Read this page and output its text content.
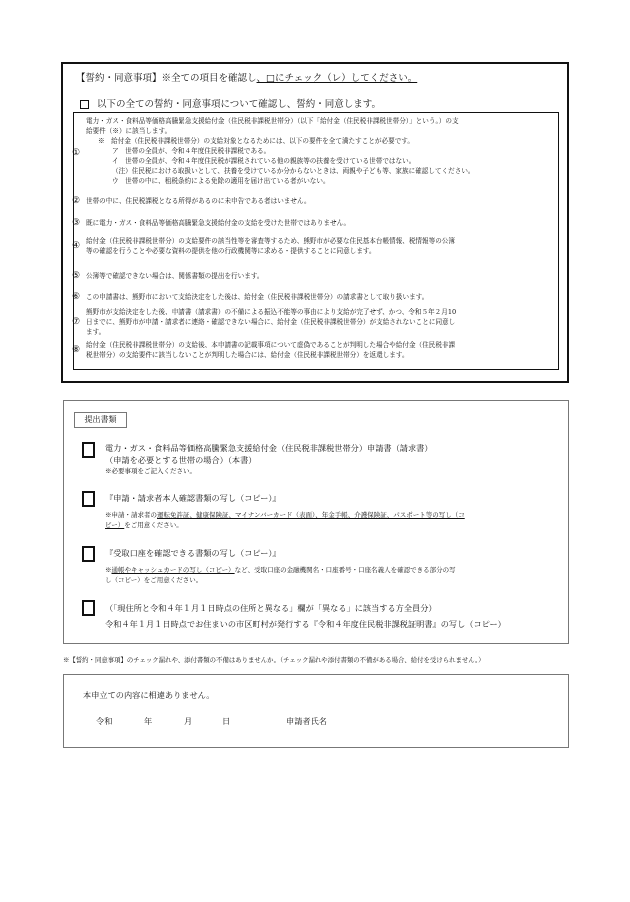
【誓約・同意事項】※全ての項目を確認し、□にチェック（レ）してください。
以下の全ての誓約・同意事項について確認し、誓約・同意します。
①

電力・ガス・食料品等価格高騰緊急支援給付金（住民税非課税世帯分）（以下「給付金（住民税非課税世帯分）」という。）の支

給要件（※）に該当します。

※　給付金（住民税非課税世帯分）の支給対象となるためには、以下の要件を全て満たすことが必要です。

ア　世帯の全員が、令和４年度住民税非課税である。

イ　世帯の全員が、令和４年度住民税が課税されている他の親族等の扶養を受けている世帯ではない。

（注）住民税における取扱いとして、扶養を受けているか分からないときは、両親や子ども等、家族に確認してください。

ウ　世帯の中に、租税条約による免除の適用を届け出ている者がいない。

② 世帯の中に、住民税課税となる所得があるのに未申告である者はいません。

③ 既に電力・ガス・食料品等価格高騰緊急支援給付金の支給を受けた世帯ではありません。

④ 給付金（住民税非課税世帯分）の支給要件の該当性等を審査等するため、熊野市が必要な住民基本台帳情報、税情報等の公簿

等の確認を行うことや必要な資料の提供を他の行政機関等に求める・提供することに同意します。

⑤ 公簿等で確認できない場合は、関係書類の提出を行います。

⑥ この申請書は、熊野市において支給決定をした後は、給付金（住民税非課税世帯分）の請求書として取り扱います。

⑦

熊野市が支給決定をした後、申請書（請求書）の不備による振込不能等の事由により支給が完了せず、かつ、令和５年２月10

日までに、熊野市が申請・請求者に連絡・確認できない場合に、給付金（住民税非課税世帯分）が支給されないことに同意し

ます。

⑧ 給付金（住民税非課税世帯分）の支給後、本申請書の記載事項について虚偽であることが判明した場合や給付金（住民税非課

税世帯分）の支給要件に該当しないことが判明した場合には、給付金（住民税非課税世帯分）を返還します。

提出書類
電力・ガス・食料品等価格高騰緊急支援給付金（住民税非課税世帯分）申請書（請求書）
（申請を必要とする世帯の場合）（本書）
※必要事項をご記入ください。
『申請・請求者本人確認書類の写し（コピー）』
※申請・請求者の運転免許証、健康保険証、マイナンバーカード（表面）、年金手帳、介護保険証、パスポート等の写し（コ
ピー）をご用意ください。
『受取口座を確認できる書類の写し（コピー）』
※通帳やキャッシュカードの写し（コピー）など、受取口座の金融機関名・口座番号・口座名義人を確認できる部分の写
し（コピー）をご用意ください。
（「現住所と令和４年１月１日時点の住所と異なる」欄が「異なる」に該当する方全員分）
令和４年１月１日時点でお住まいの市区町村が発行する『令和４年度住民税非課税証明書』の写し（コピー）
※【誓約・同意事項】のチェック漏れや、添付書類の不備はありませんか。（チェック漏れや添付書類の不備がある場合、給付を受けられません。）
本申立ての内容に相違ありません。
令和	年	月	日	申請者氏名
